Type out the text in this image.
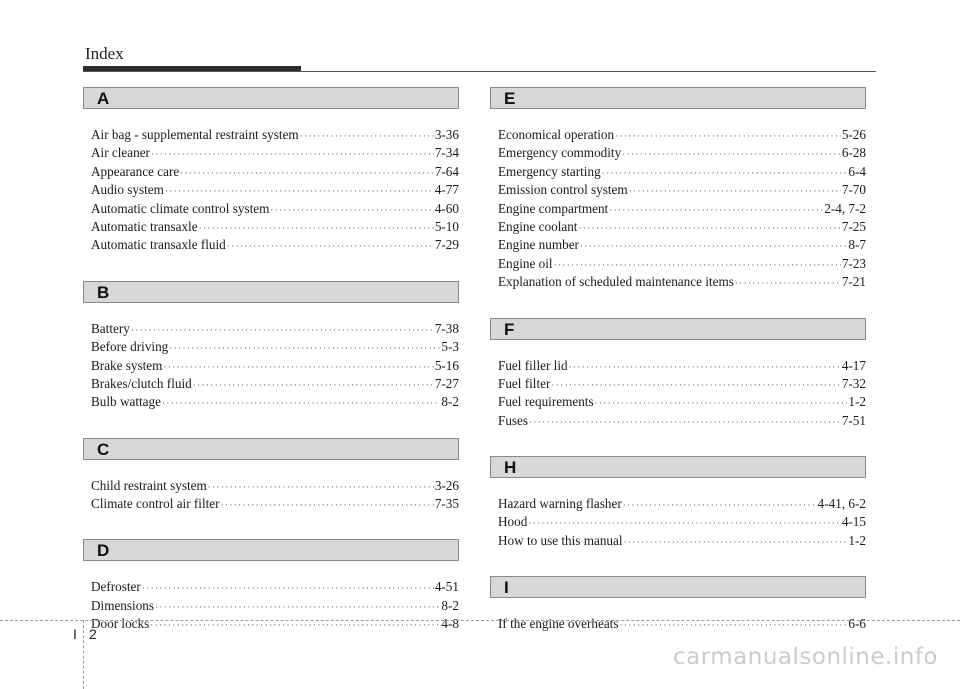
Index
A
Air bag - supplemental restraint system ·····	3-36
Air cleaner ·····	7-34
Appearance care ·····	7-64
Audio system ·····	4-77
Automatic climate control system ·····	4-60
Automatic transaxle ·····	5-10
Automatic transaxle fluid ·····	7-29
B
Battery ·····	7-38
Before driving ·····	5-3
Brake system ·····	5-16
Brakes/clutch fluid ·····	7-27
Bulb wattage ·····	8-2
C
Child restraint system ·····	3-26
Climate control air filter ·····	7-35
D
Defroster ·····	4-51
Dimensions ·····	8-2
Door locks ·····	4-8
E
Economical operation ·····	5-26
Emergency commodity ·····	6-28
Emergency starting ·····	6-4
Emission control system ·····	7-70
Engine compartment ·····	2-4, 7-2
Engine coolant ·····	7-25
Engine number ·····	8-7
Engine oil ·····	7-23
Explanation of scheduled maintenance items ·····	7-21
F
Fuel filler lid ·····	4-17
Fuel filter ·····	7-32
Fuel requirements ·····	1-2
Fuses ·····	7-51
H
Hazard warning flasher ·····	4-41, 6-2
Hood ·····	4-15
How to use this manual ·····	1-2
I
If the engine overheats ·····	6-6
I 2
carmanualsonline.info
